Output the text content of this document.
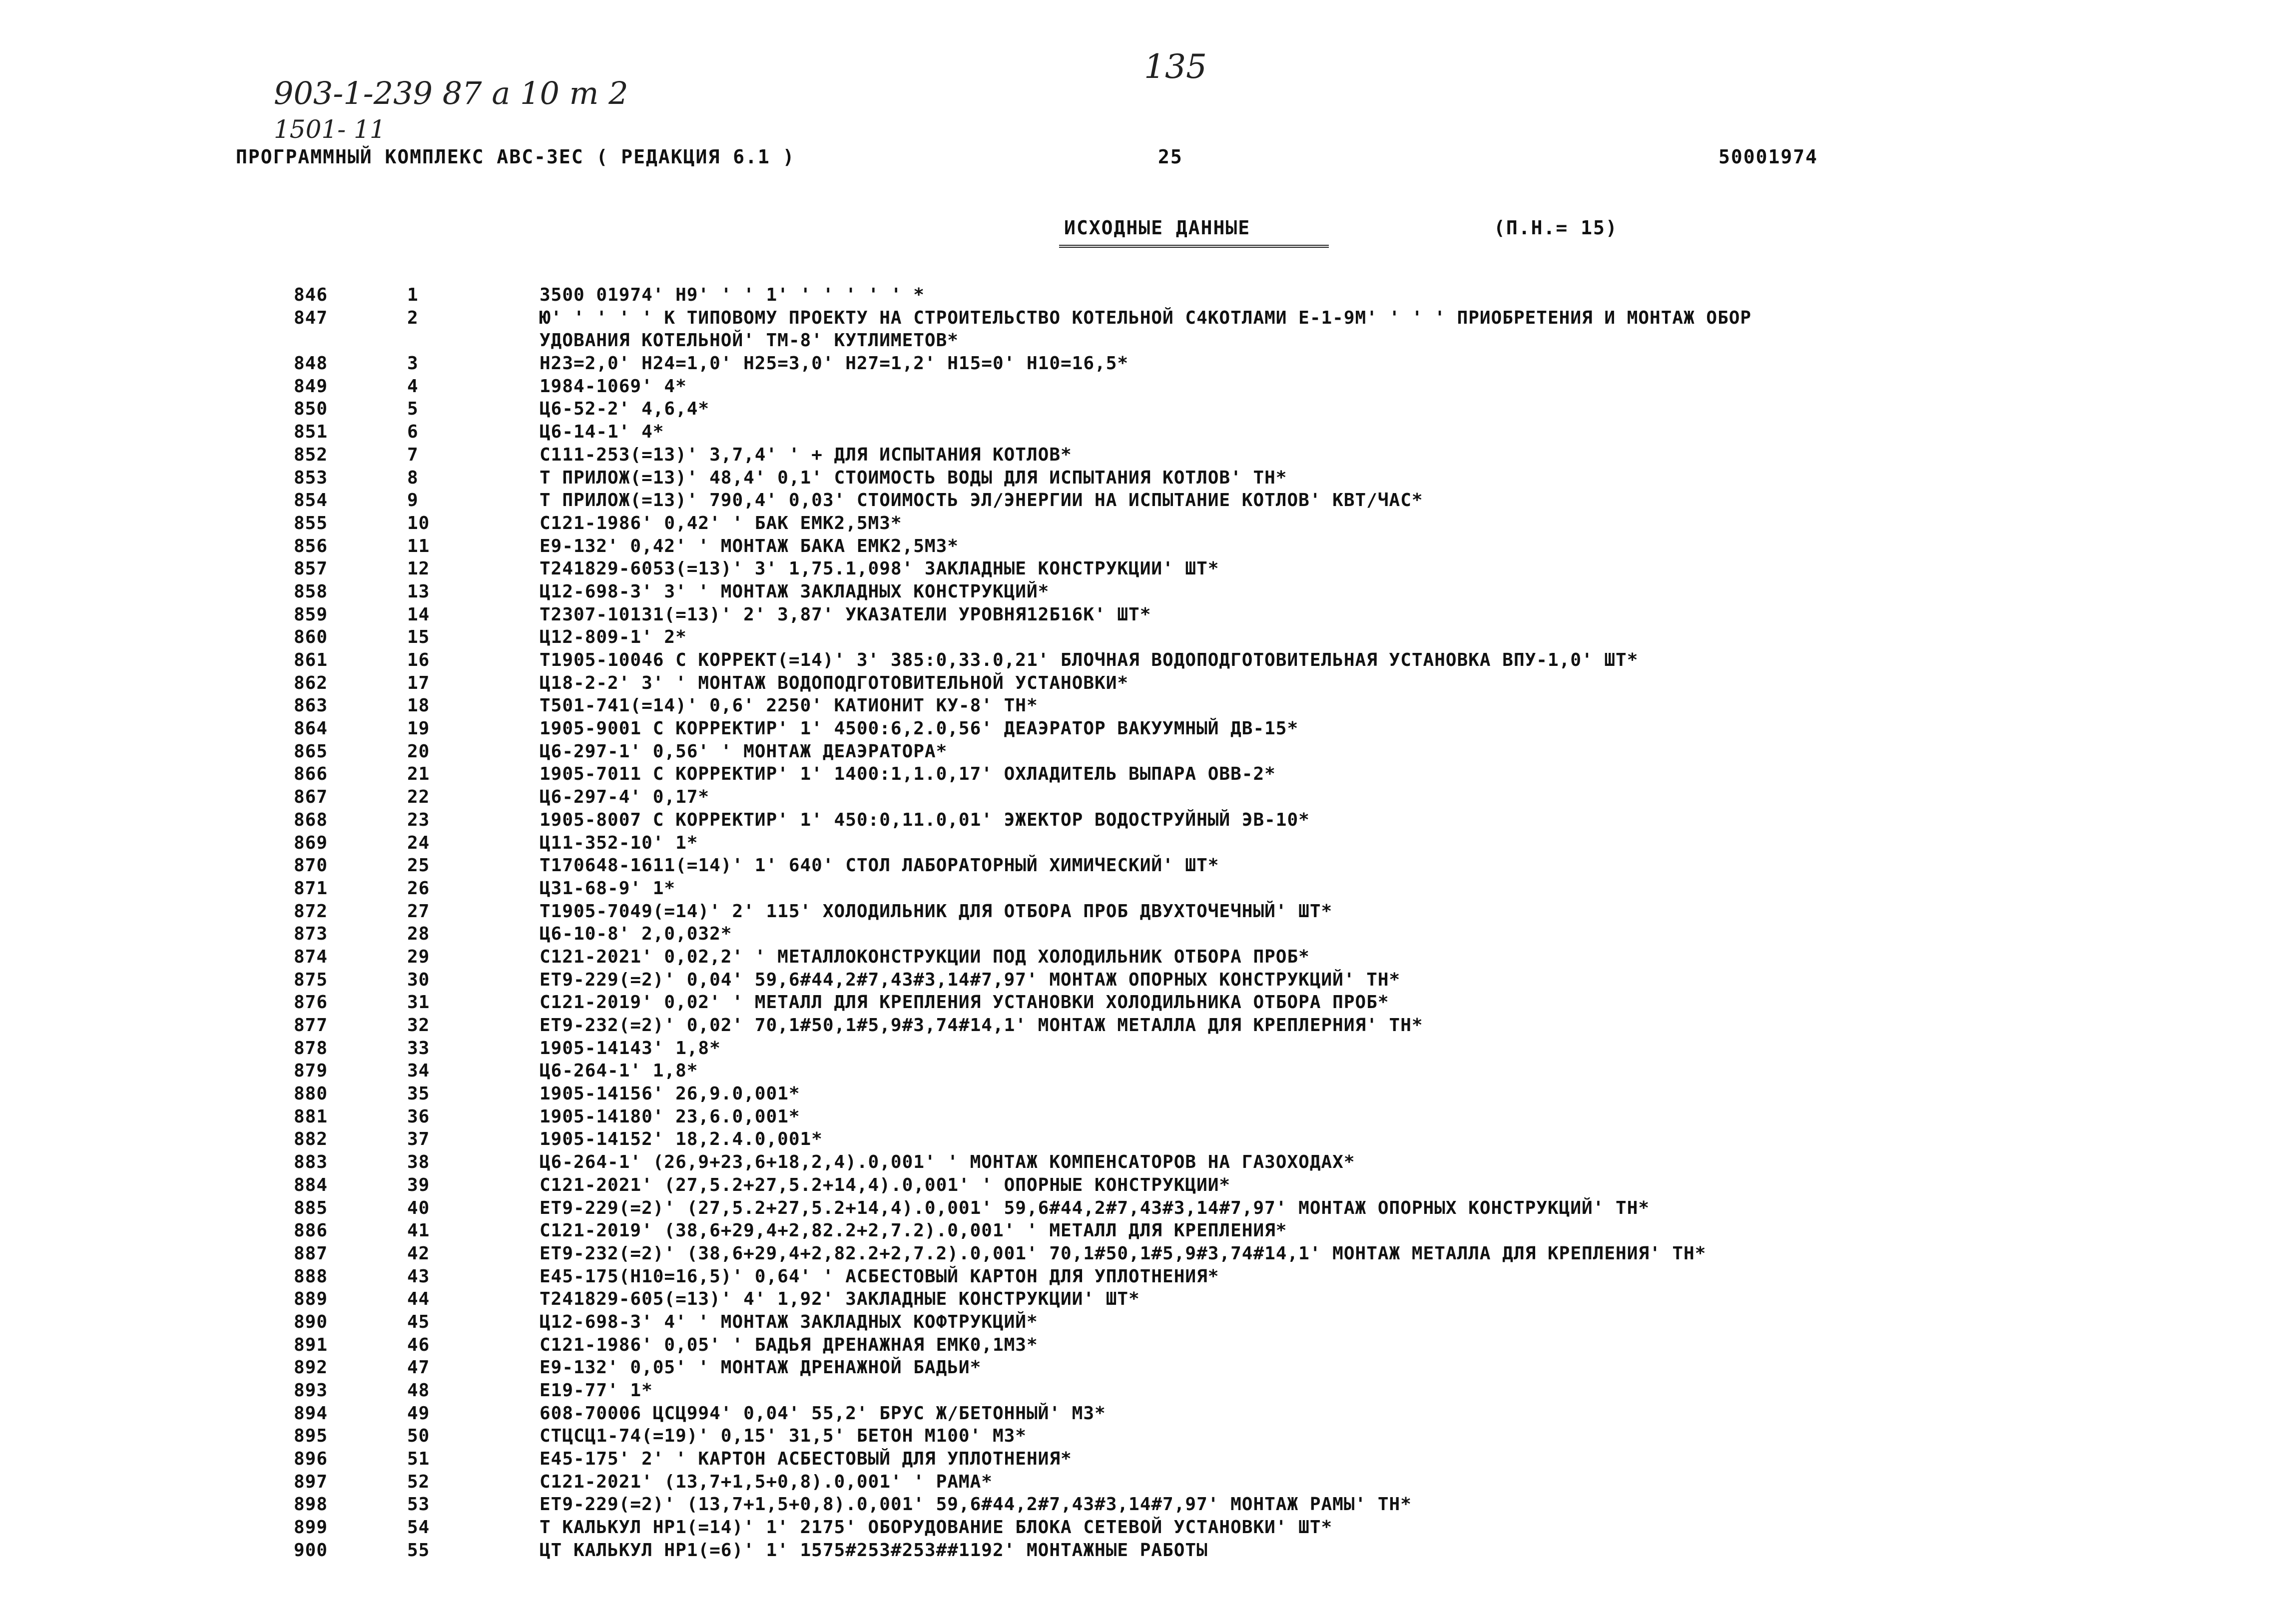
903-1-239 87 а 10 т 2
1501- 11
135
ПРОГРАММНЫЙ КОМПЛЕКС АВС-3ЕС ( РЕДАКЦИЯ 6.1 )	25	50001974
ИСХОДНЫЕ ДАННЫЕ	(П.Н.= 15)
846	1	3500 01974' Н9' ' ' 1' ' ' ' ' ' *
847	2	Ю' ' ' ' ' К ТИПОВОМУ ПРОЕКТУ НА СТРОИТЕЛЬСТВО КОТЕЛЬНОЙ С4КОТЛАМИ Е-1-9М' ' ' ' ПРИОБРЕТЕНИЯ И МОНТАЖ ОБОР
УДОВАНИЯ КОТЕЛЬНОЙ' ТМ-8' КУТЛИМЕТОВ*
848	3	Н23=2,0' Н24=1,0' Н25=3,0' Н27=1,2' Н15=0' Н10=16,5*
849	4	1984-1069' 4*
850	5	Ц6-52-2' 4,6,4*
851	6	Ц6-14-1' 4*
852	7	С111-253(=13)' 3,7,4' ' + ДЛЯ ИСПЫТАНИЯ КОТЛОВ*
853	8	Т ПРИЛОЖ(=13)' 48,4' 0,1' СТОИМОСТЬ ВОДЫ ДЛЯ ИСПЫТАНИЯ КОТЛОВ' ТН*
854	9	Т ПРИЛОЖ(=13)' 790,4' 0,03' СТОИМОСТЬ ЭЛ/ЭНЕРГИИ НА ИСПЫТАНИЕ КОТЛОВ' КВТ/ЧАС*
855	10	С121-1986' 0,42' ' БАК ЕМК2,5М3*
856	11	Е9-132' 0,42' ' МОНТАЖ БАКА ЕМК2,5М3*
857	12	Т241829-6053(=13)' 3' 1,75.1,098' ЗАКЛАДНЫЕ КОНСТРУКЦИИ' ШТ*
858	13	Ц12-698-3' 3' ' МОНТАЖ ЗАКЛАДНЫХ КОНСТРУКЦИЙ*
859	14	Т2307-10131(=13)' 2' 3,87' УКАЗАТЕЛИ УРОВНЯ12Б16К' ШТ*
860	15	Ц12-809-1' 2*
861	16	Т1905-10046 С КОРРЕКТ(=14)' 3' 385:0,33.0,21' БЛОЧНАЯ ВОДОПОДГОТОВИТЕЛЬНАЯ УСТАНОВКА ВПУ-1,0' ШТ*
862	17	Ц18-2-2' 3' ' МОНТАЖ ВОДОПОДГОТОВИТЕЛЬНОЙ УСТАНОВКИ*
863	18	Т501-741(=14)' 0,6' 2250' КАТИОНИТ КУ-8' ТН*
864	19	1905-9001 С КОРРЕКТИР' 1' 4500:6,2.0,56' ДЕАЭРАТОР ВАКУУМНЫЙ ДВ-15*
865	20	Ц6-297-1' 0,56' ' МОНТАЖ ДЕАЭРАТОРА*
866	21	1905-7011 С КОРРЕКТИР' 1' 1400:1,1.0,17' ОХЛАДИТЕЛЬ ВЫПАРА ОВВ-2*
867	22	Ц6-297-4' 0,17*
868	23	1905-8007 С КОРРЕКТИР' 1' 450:0,11.0,01' ЭЖЕКТОР ВОДОСТРУЙНЫЙ ЭВ-10*
869	24	Ц11-352-10' 1*
870	25	Т170648-1611(=14)' 1' 640' СТОЛ ЛАБОРАТОРНЫЙ ХИМИЧЕСКИЙ' ШТ*
871	26	Ц31-68-9' 1*
872	27	Т1905-7049(=14)' 2' 115' ХОЛОДИЛЬНИК ДЛЯ ОТБОРА ПРОБ ДВУХТОЧЕЧНЫЙ' ШТ*
873	28	Ц6-10-8' 2,0,032*
874	29	С121-2021' 0,02,2' ' МЕТАЛЛОКОНСТРУКЦИИ ПОД ХОЛОДИЛЬНИК ОТБОРА ПРОБ*
875	30	ЕТ9-229(=2)' 0,04' 59,6#44,2#7,43#3,14#7,97' МОНТАЖ ОПОРНЫХ КОНСТРУКЦИЙ' ТН*
876	31	С121-2019' 0,02' ' МЕТАЛЛ ДЛЯ КРЕПЛЕНИЯ УСТАНОВКИ ХОЛОДИЛЬНИКА ОТБОРА ПРОБ*
877	32	ЕТ9-232(=2)' 0,02' 70,1#50,1#5,9#3,74#14,1' МОНТАЖ МЕТАЛЛА ДЛЯ КРЕПЛЕРНИЯ' ТН*
878	33	1905-14143' 1,8*
879	34	Ц6-264-1' 1,8*
880	35	1905-14156' 26,9.0,001*
881	36	1905-14180' 23,6.0,001*
882	37	1905-14152' 18,2.4.0,001*
883	38	Ц6-264-1' (26,9+23,6+18,2,4).0,001' ' МОНТАЖ КОМПЕНСАТОРОВ НА ГАЗОХОДАХ*
884	39	С121-2021' (27,5.2+27,5.2+14,4).0,001' ' ОПОРНЫЕ КОНСТРУКЦИИ*
885	40	ЕТ9-229(=2)' (27,5.2+27,5.2+14,4).0,001' 59,6#44,2#7,43#3,14#7,97' МОНТАЖ ОПОРНЫХ КОНСТРУКЦИЙ' ТН*
886	41	С121-2019' (38,6+29,4+2,82.2+2,7.2).0,001' ' МЕТАЛЛ ДЛЯ КРЕПЛЕНИЯ*
887	42	ЕТ9-232(=2)' (38,6+29,4+2,82.2+2,7.2).0,001' 70,1#50,1#5,9#3,74#14,1' МОНТАЖ МЕТАЛЛА ДЛЯ КРЕПЛЕНИЯ' ТН*
888	43	Е45-175(Н10=16,5)' 0,64' ' АСБЕСТОВЫЙ КАРТОН ДЛЯ УПЛОТНЕНИЯ*
889	44	Т241829-605(=13)' 4' 1,92' ЗАКЛАДНЫЕ КОНСТРУКЦИИ' ШТ*
890	45	Ц12-698-3' 4' ' МОНТАЖ ЗАКЛАДНЫХ КОФТРУКЦИЙ*
891	46	С121-1986' 0,05' ' БАДЬЯ ДРЕНАЖНАЯ ЕМК0,1М3*
892	47	Е9-132' 0,05' ' МОНТАЖ ДРЕНАЖНОЙ БАДЬИ*
893	48	Е19-77' 1*
894	49	608-70006 ЦСЦ994' 0,04' 55,2' БРУС Ж/БЕТОННЫЙ' М3*
895	50	СТЦСЦ1-74(=19)' 0,15' 31,5' БЕТОН М100' М3*
896	51	Е45-175' 2' ' КАРТОН АСБЕСТОВЫЙ ДЛЯ УПЛОТНЕНИЯ*
897	52	С121-2021' (13,7+1,5+0,8).0,001' ' РАМА*
898	53	ЕТ9-229(=2)' (13,7+1,5+0,8).0,001' 59,6#44,2#7,43#3,14#7,97' МОНТАЖ РАМЫ' ТН*
899	54	Т КАЛЬКУЛ НР1(=14)' 1' 2175' ОБОРУДОВАНИЕ БЛОКА СЕТЕВОЙ УСТАНОВКИ' ШТ*
900	55	ЦТ КАЛЬКУЛ НР1(=6)' 1' 1575#253#253##1192' МОНТАЖНЫЕ РАБОТЫ
